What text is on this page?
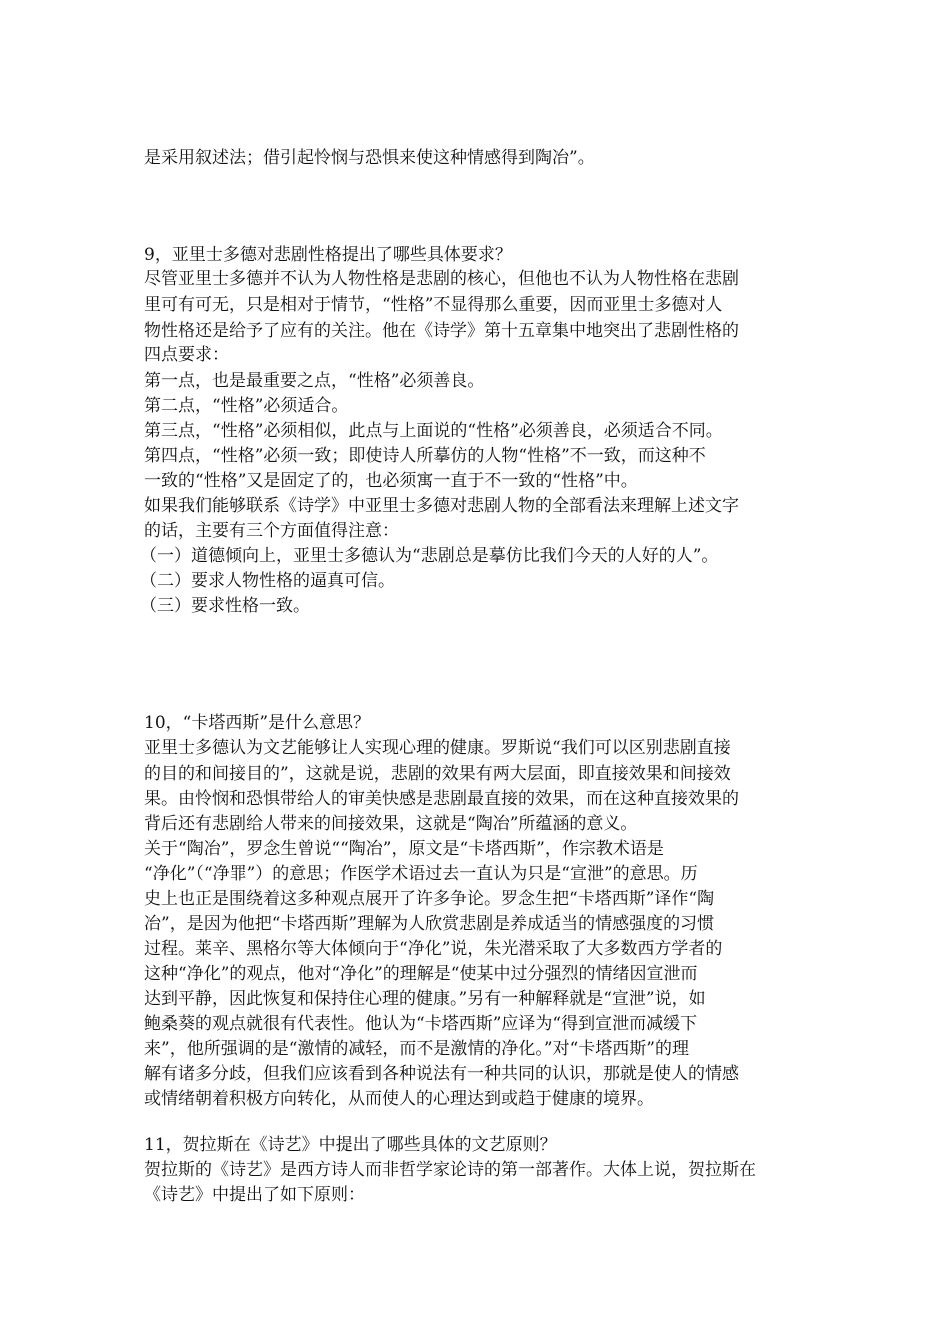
是采用叙述法；借引起怜悯与恐惧来使这种情感得到陶冶”。
9，亚里士多德对悲剧性格提出了哪些具体要求？
尽管亚里士多德并不认为人物性格是悲剧的核心，但他也不认为人物性格在悲剧
里可有可无，只是相对于情节，“性格”不显得那么重要，因而亚里士多德对人
物性格还是给予了应有的关注。他在《诗学》第十五章集中地突出了悲剧性格的
四点要求：
第一点，也是最重要之点，“性格”必须善良。
第二点，“性格”必须适合。
第三点，“性格”必须相似，此点与上面说的“性格”必须善良，必须适合不同。
第四点，“性格”必须一致；即使诗人所摹仿的人物“性格”不一致，而这种不
一致的“性格”又是固定了的，也必须寓一直于不一致的“性格”中。
如果我们能够联系《诗学》中亚里士多德对悲剧人物的全部看法来理解上述文字
的话，主要有三个方面值得注意：
（一）道德倾向上，亚里士多德认为“悲剧总是摹仿比我们今天的人好的人”。
（二）要求人物性格的逼真可信。
（三）要求性格一致。
10，“卡塔西斯”是什么意思？
亚里士多德认为文艺能够让人实现心理的健康。罗斯说“我们可以区别悲剧直接
的目的和间接目的”，这就是说，悲剧的效果有两大层面，即直接效果和间接效
果。由怜悯和恐惧带给人的审美快感是悲剧最直接的效果，而在这种直接效果的
背后还有悲剧给人带来的间接效果，这就是“陶冶”所蕴涵的意义。
关于“陶冶”，罗念生曾说““陶冶”，原文是“卡塔西斯”，作宗教术语是
“净化”（“净罪”）的意思；作医学术语过去一直认为只是“宣泄”的意思。历
史上也正是围绕着这多种观点展开了许多争论。罗念生把“卡塔西斯”译作“陶
冶”，是因为他把“卡塔西斯”理解为人欣赏悲剧是养成适当的情感强度的习惯
过程。莱辛、黑格尔等大体倾向于“净化”说，朱光潜采取了大多数西方学者的
这种“净化”的观点，他对“净化”的理解是“使某中过分强烈的情绪因宣泄而
达到平静，因此恢复和保持住心理的健康。”另有一种解释就是“宣泄”说，如
鲍桑葵的观点就很有代表性。他认为“卡塔西斯”应译为“得到宣泄而减缓下
来”，他所强调的是“激情的减轻，而不是激情的净化。”对“卡塔西斯”的理
解有诸多分歧，但我们应该看到各种说法有一种共同的认识，那就是使人的情感
或情绪朝着积极方向转化，从而使人的心理达到或趋于健康的境界。
11，贺拉斯在《诗艺》中提出了哪些具体的文艺原则？
贺拉斯的《诗艺》是西方诗人而非哲学家论诗的第一部著作。大体上说，贺拉斯在
《诗艺》中提出了如下原则：
